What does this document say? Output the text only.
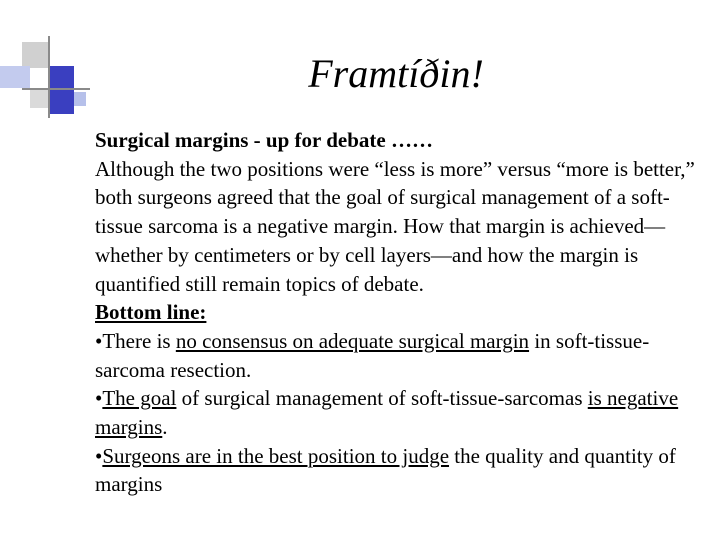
Framtíðin!

Surgical margins - up for debate ……

Although the two positions were “less is more” versus “more is better,” both surgeons agreed that the goal of surgical management of a soft-tissue sarcoma is a negative margin. How that margin is achieved—whether by centimeters or by cell layers—and how the margin is quantified still remain topics of debate.

Bottom line:

•There is no consensus on adequate surgical margin in soft-tissue-sarcoma resection.

•The goal of surgical management of soft-tissue-sarcomas is negative margins.

•Surgeons are in the best position to judge the quality and quantity of margins
